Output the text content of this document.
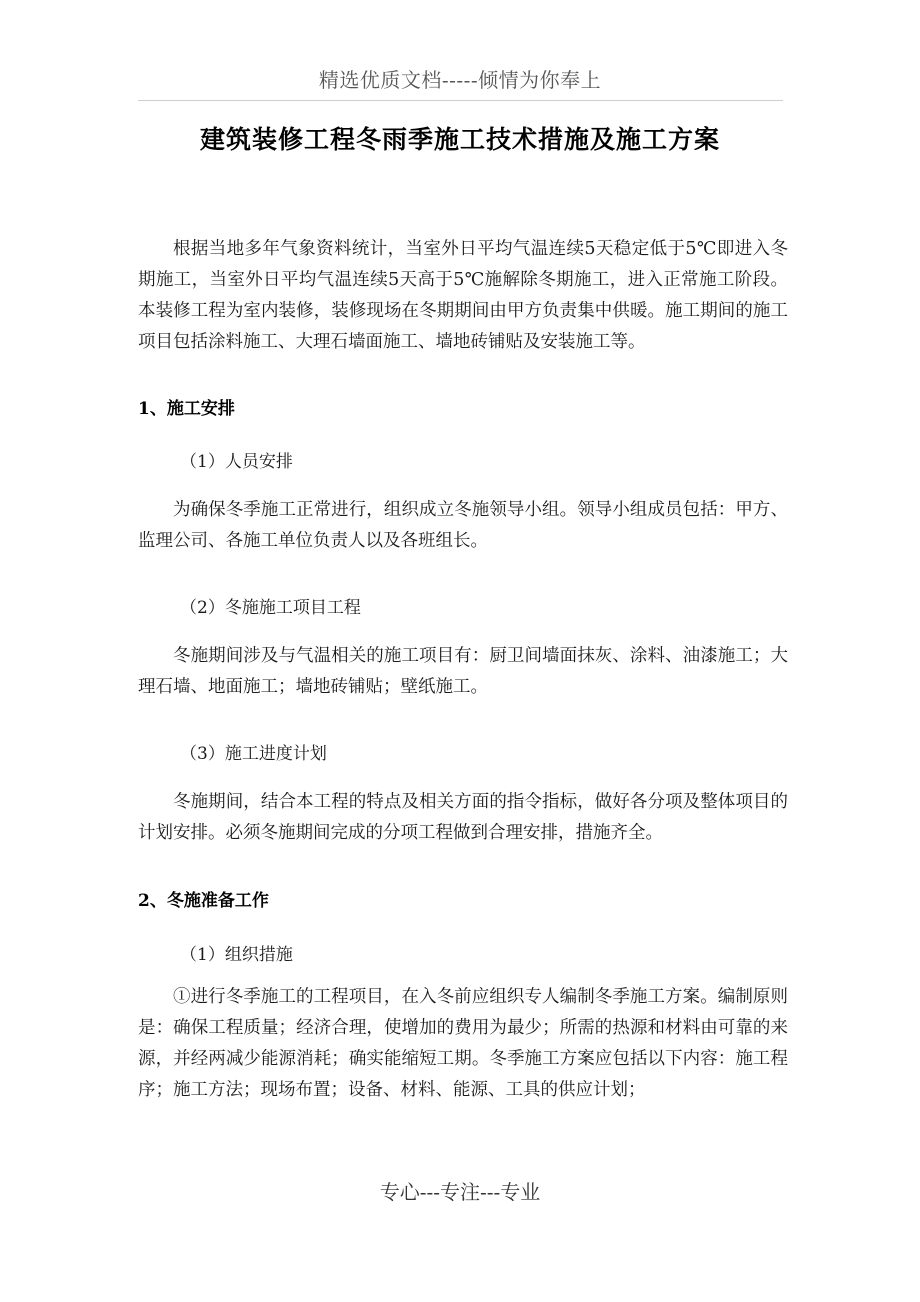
精选优质文档-----倾情为你奉上
建筑装修工程冬雨季施工技术措施及施工方案

根据当地多年气象资料统计，当室外日平均气温连续5天稳定低于5℃即进入冬期施工，当室外日平均气温连续5天高于5℃施解除冬期施工，进入正常施工阶段。本装修工程为室内装修，装修现场在冬期期间由甲方负责集中供暖。施工期间的施工项目包括涂料施工、大理石墙面施工、墙地砖铺贴及安装施工等。

1、施工安排
（1）人员安排

为确保冬季施工正常进行，组织成立冬施领导小组。领导小组成员包括：甲方、监理公司、各施工单位负责人以及各班组长。

（2）冬施施工项目工程

冬施期间涉及与气温相关的施工项目有：厨卫间墙面抹灰、涂料、油漆施工；大理石墙、地面施工；墙地砖铺贴；壁纸施工。

（3）施工进度计划

冬施期间，结合本工程的特点及相关方面的指令指标，做好各分项及整体项目的计划安排。必须冬施期间完成的分项工程做到合理安排，措施齐全。

2、冬施准备工作
（1）组织措施

①进行冬季施工的工程项目，在入冬前应组织专人编制冬季施工方案。编制原则是：确保工程质量；经济合理，使增加的费用为最少；所需的热源和材料由可靠的来源，并经两减少能源消耗；确实能缩短工期。冬季施工方案应包括以下内容：施工程序；施工方法；现场布置；设备、材料、能源、工具的供应计划；

专心---专注---专业
